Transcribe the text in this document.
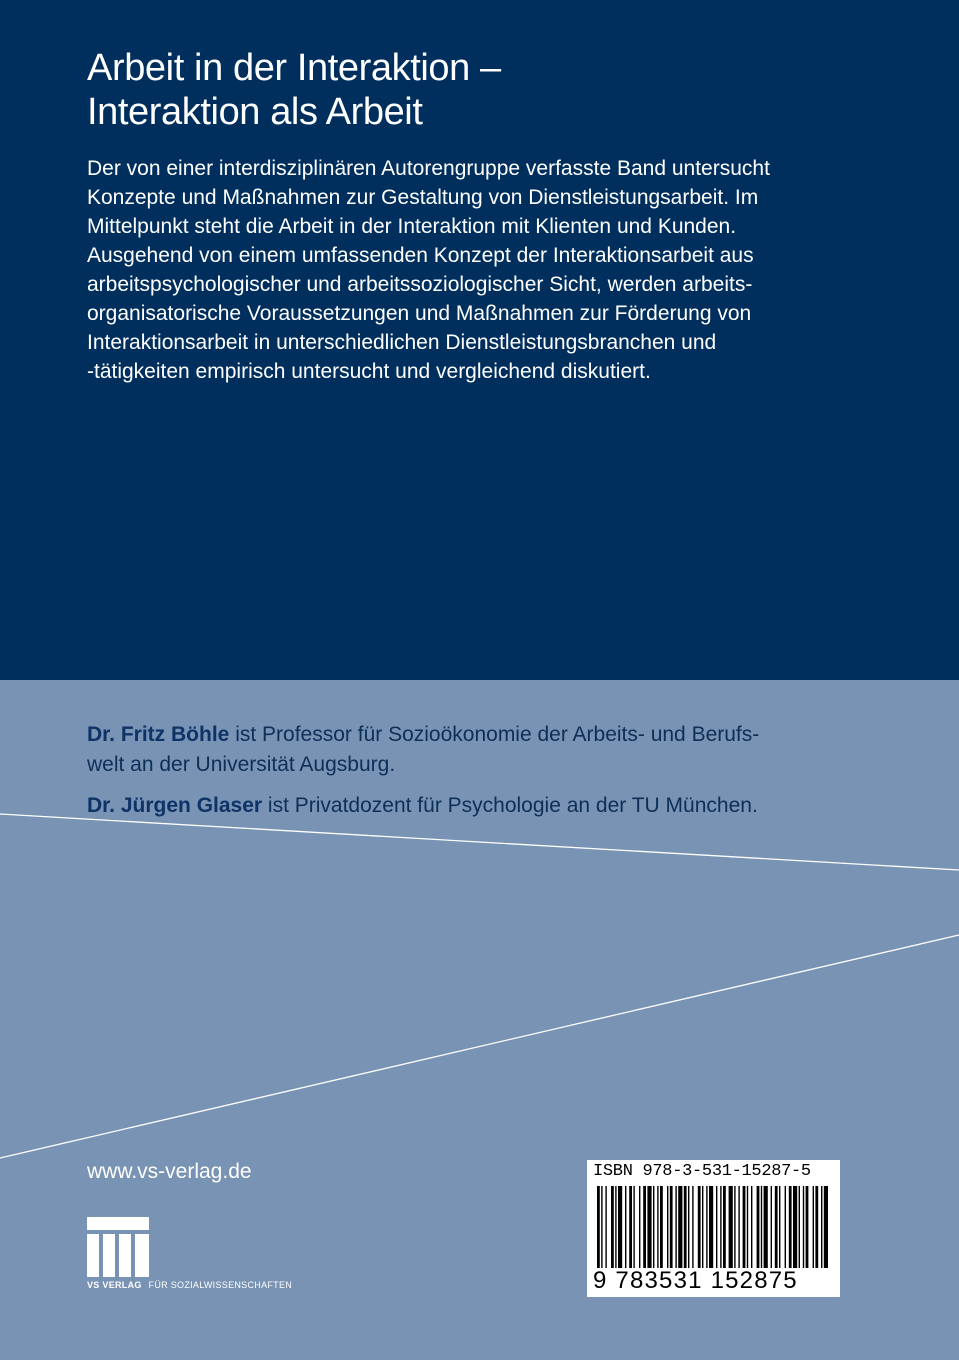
Arbeit in der Interaktion –
Interaktion als Arbeit
Der von einer interdisziplinären Autorengruppe verfasste Band untersucht
Konzepte und Maßnahmen zur Gestaltung von Dienstleistungsarbeit. Im
Mittelpunkt steht die Arbeit in der Interaktion mit Klienten und Kunden.
Ausgehend von einem umfassenden Konzept der Interaktionsarbeit aus
arbeitspsychologischer und arbeitssoziologischer Sicht, werden arbeits-
organisatorische Voraussetzungen und Maßnahmen zur Förderung von
Interaktionsarbeit in unterschiedlichen Dienstleistungsbranchen und
-tätigkeiten empirisch untersucht und vergleichend diskutiert.
Dr. Fritz Böhle ist Professor für Sozioökonomie der Arbeits- und Berufs-
welt an der Universität Augsburg.
Dr. Jürgen Glaser ist Privatdozent für Psychologie an der TU München.
www.vs-verlag.de
VS VERLAG FÜR SOZIALWISSENSCHAFTEN
ISBN 978-3-531-15287-5
9 783531 152875
